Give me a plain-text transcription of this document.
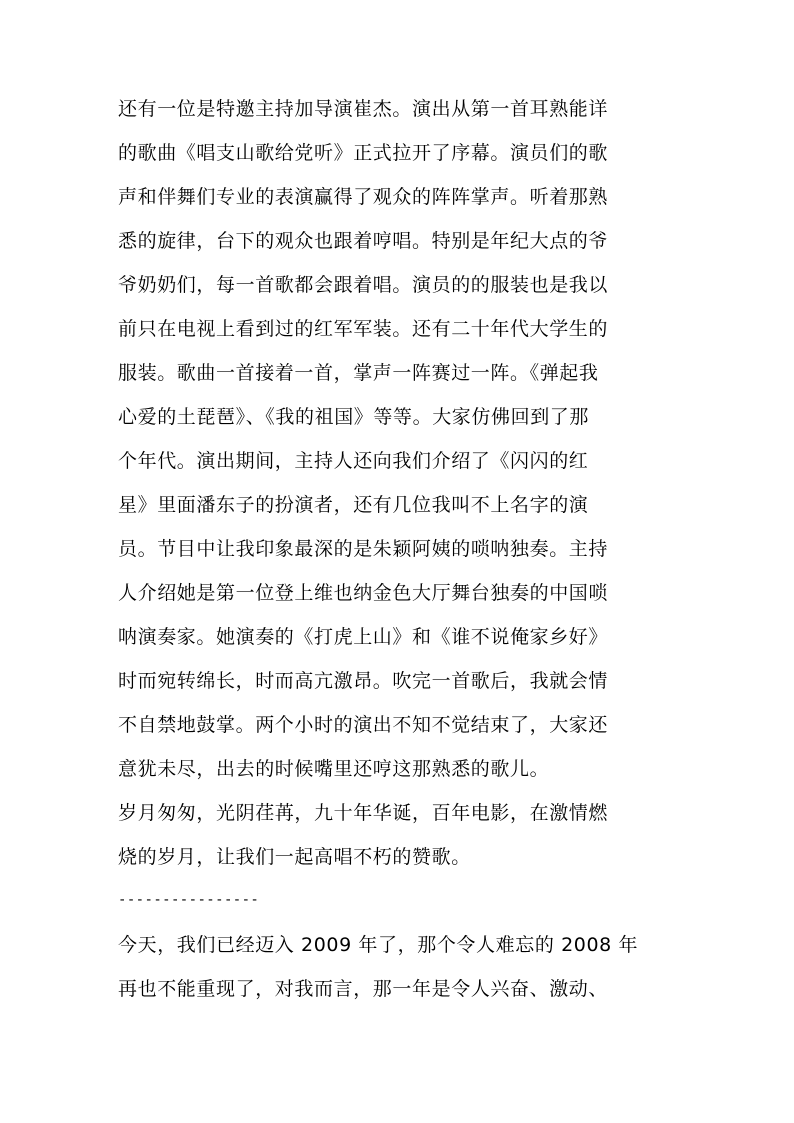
还有一位是特邀主持加导演崔杰。演出从第一首耳熟能详
的歌曲《唱支山歌给党听》正式拉开了序幕。演员们的歌
声和伴舞们专业的表演赢得了观众的阵阵掌声。听着那熟
悉的旋律，台下的观众也跟着哼唱。特别是年纪大点的爷
爷奶奶们，每一首歌都会跟着唱。演员的的服装也是我以
前只在电视上看到过的红军军装。还有二十年代大学生的
服装。歌曲一首接着一首，掌声一阵赛过一阵。《弹起我
心爱的土琵琶》、《我的祖国》等等。大家仿佛回到了那
个年代。演出期间，主持人还向我们介绍了《闪闪的红
星》里面潘东子的扮演者，还有几位我叫不上名字的演
员。节目中让我印象最深的是朱颖阿姨的唢呐独奏。主持
人介绍她是第一位登上维也纳金色大厅舞台独奏的中国唢
呐演奏家。她演奏的《打虎上山》和《谁不说俺家乡好》
时而宛转绵长，时而高亢激昂。吹完一首歌后，我就会情
不自禁地鼓掌。两个小时的演出不知不觉结束了，大家还
意犹未尽，出去的时候嘴里还哼这那熟悉的歌儿。
岁月匆匆，光阴荏苒，九十年华诞，百年电影，在激情燃
烧的岁月，让我们一起高唱不朽的赞歌。
----------------
今天，我们已经迈入 2009 年了，那个令人难忘的 2008 年
再也不能重现了，对我而言，那一年是令人兴奋、激动、
